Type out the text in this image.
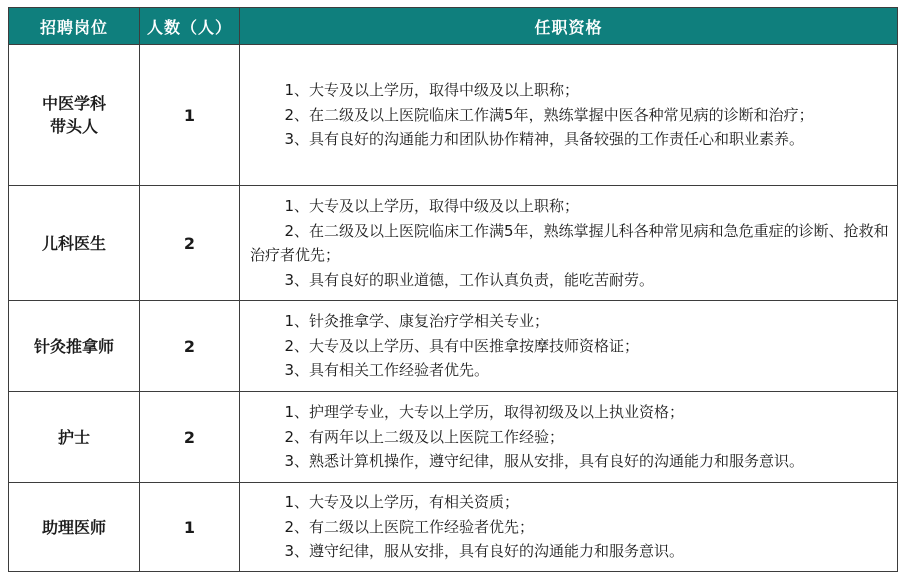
招聘岗位	人数（人）	任职资格
中医学科
带头人	1	1、大专及以上学历，取得中级及以上职称；
2、在二级及以上医院临床工作满5年，熟练掌握中医各种常见病的诊断和治疗；
3、具有良好的沟通能力和团队协作精神，具备较强的工作责任心和职业素养。

儿科医生	2	1、大专及以上学历，取得中级及以上职称；
2、在二级及以上医院临床工作满5年，熟练掌握儿科各种常见病和急危重症的诊断、抢救和治疗者优先；
3、具有良好的职业道德，工作认真负责，能吃苦耐劳。

针灸推拿师	2	1、针灸推拿学、康复治疗学相关专业；
2、大专及以上学历、具有中医推拿按摩技师资格证；
3、具有相关工作经验者优先。

护士	2	1、护理学专业，大专以上学历，取得初级及以上执业资格；
2、有两年以上二级及以上医院工作经验；
3、熟悉计算机操作，遵守纪律，服从安排，具有良好的沟通能力和服务意识。

助理医师	1	1、大专及以上学历，有相关资质；
2、有二级以上医院工作经验者优先；
3、遵守纪律，服从安排，具有良好的沟通能力和服务意识。
